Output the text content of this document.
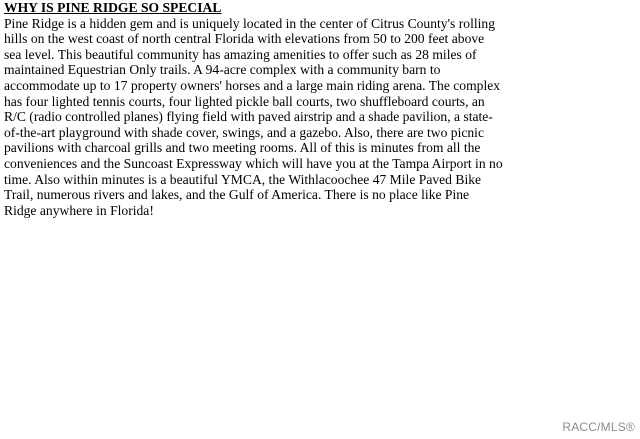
WHY IS PINE RIDGE SO SPECIAL

Pine Ridge is a hidden gem and is uniquely located in the center of Citrus County's rolling hills on the west coast of north central Florida with elevations from 50 to 200 feet above sea level. This beautiful community has amazing amenities to offer such as 28 miles of maintained Equestrian Only trails. A 94-acre complex with a community barn to accommodate up to 17 property owners' horses and a large main riding arena. The complex has four lighted tennis courts, four lighted pickle ball courts, two shuffleboard courts, an R/C (radio controlled planes) flying field with paved airstrip and a shade pavilion, a state-of-the-art playground with shade cover, swings, and a gazebo. Also, there are two picnic pavilions with charcoal grills and two meeting rooms. All of this is minutes from all the conveniences and the Suncoast Expressway which will have you at the Tampa Airport in no time. Also within minutes is a beautiful YMCA, the Withlacoochee 47 Mile Paved Bike Trail, numerous rivers and lakes, and the Gulf of America. There is no place like Pine Ridge anywhere in Florida!

RACC/MLS®
